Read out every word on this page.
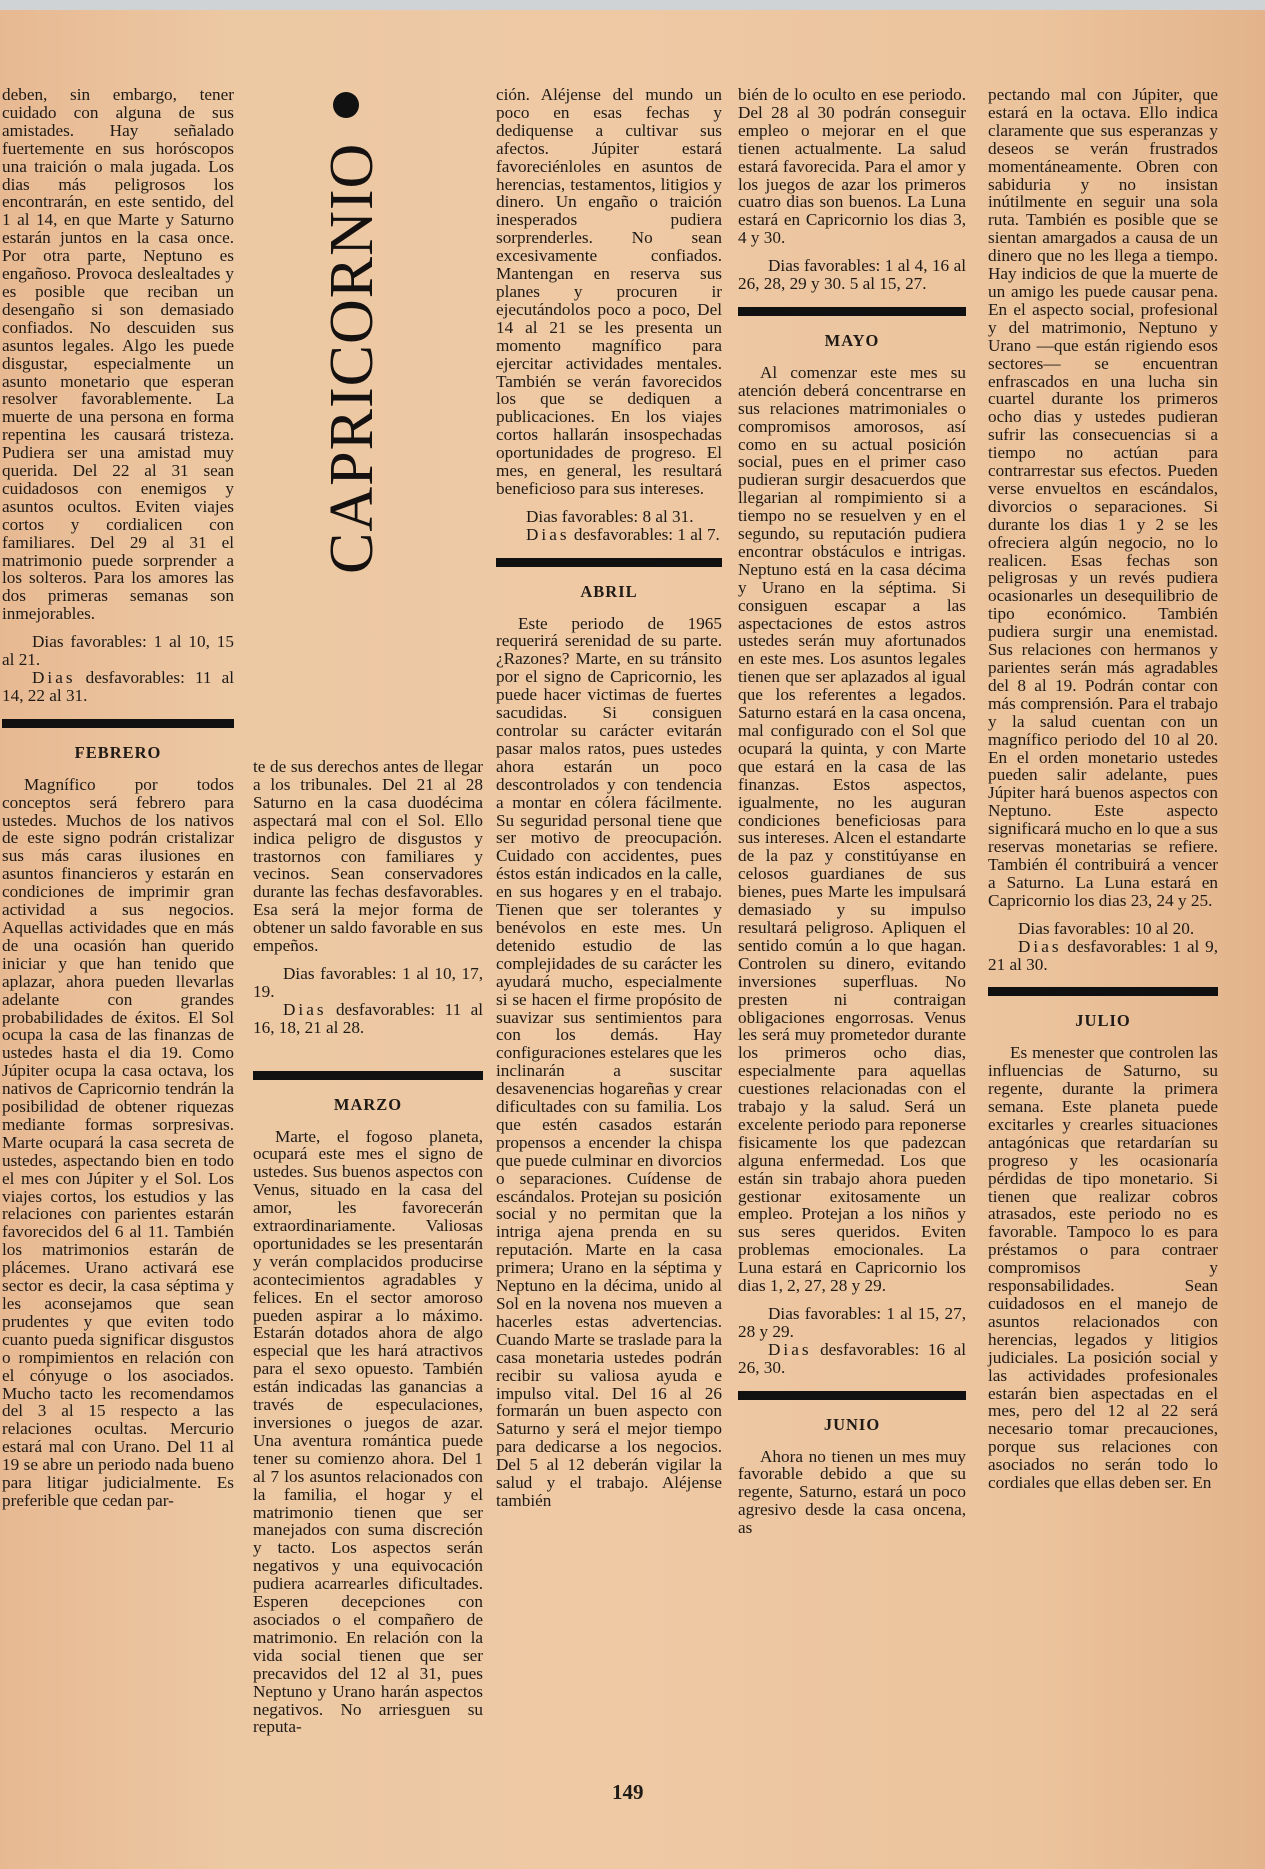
deben, sin embargo, tener cuidado con alguna de sus amistades. Hay señalado fuertemente en sus horóscopos una traición o mala jugada. Los dias más peligrosos los encontrarán, en este sentido, del 1 al 14, en que Marte y Saturno estarán juntos en la casa once. Por otra parte, Neptuno es engañoso. Provoca deslealtades y es posible que reciban un desengaño si son demasiado confiados. No descuiden sus asuntos legales. Algo les puede disgustar, especialmente un asunto monetario que esperan resolver favorablemente. La muerte de una persona en forma repentina les causará tristeza. Pudiera ser una amistad muy querida. Del 22 al 31 sean cuidadosos con enemigos y asuntos ocultos. Eviten viajes cortos y cordialicen con familiares. Del 29 al 31 el matrimonio puede sorprender a los solteros. Para los amores las dos primeras semanas son inmejorables.

Dias favorables: 1 al 10, 15 al 21.

Dias desfavorables: 11 al 14, 22 al 31.

FEBRERO

Magnífico por todos conceptos será febrero para ustedes. Muchos de los nativos de este signo podrán cristalizar sus más caras ilusiones en asuntos financieros y estarán en condiciones de imprimir gran actividad a sus negocios. Aquellas actividades que en más de una ocasión han querido iniciar y que han tenido que aplazar, ahora pueden llevarlas adelante con grandes probabilidades de éxitos. El Sol ocupa la casa de las finanzas de ustedes hasta el dia 19. Como Júpiter ocupa la casa octava, los nativos de Capricornio tendrán la posibilidad de obtener riquezas mediante formas sorpresivas. Marte ocupará la casa secreta de ustedes, aspectando bien en todo el mes con Júpiter y el Sol. Los viajes cortos, los estudios y las relaciones con parientes estarán favorecidos del 6 al 11. También los matrimonios estarán de plácemes. Urano activará ese sector es decir, la casa séptima y les aconsejamos que sean prudentes y que eviten todo cuanto pueda significar disgustos o rompimientos en relación con el cónyuge o los asociados. Mucho tacto les recomendamos del 3 al 15 respecto a las relaciones ocultas. Mercurio estará mal con Urano. Del 11 al 19 se abre un periodo nada bueno para litigar judicialmente. Es preferible que cedan par-

CAPRICORNIO

te de sus derechos antes de llegar a los tribunales. Del 21 al 28 Saturno en la casa duodécima aspectará mal con el Sol. Ello indica peligro de disgustos y trastornos con familiares y vecinos. Sean conservadores durante las fechas desfavorables. Esa será la mejor forma de obtener un saldo favorable en sus empeños.

Dias favorables: 1 al 10, 17, 19.

Dias desfavorables: 11 al 16, 18, 21 al 28.

MARZO

Marte, el fogoso planeta, ocupará este mes el signo de ustedes. Sus buenos aspectos con Venus, situado en la casa del amor, les favorecerán extraordinariamente. Valiosas oportunidades se les presentarán y verán complacidos producirse acontecimientos agradables y felices. En el sector amoroso pueden aspirar a lo máximo. Estarán dotados ahora de algo especial que les hará atractivos para el sexo opuesto. También están indicadas las ganancias a través de especulaciones, inversiones o juegos de azar. Una aventura romántica puede tener su comienzo ahora. Del 1 al 7 los asuntos relacionados con la familia, el hogar y el matrimonio tienen que ser manejados con suma discreción y tacto. Los aspectos serán negativos y una equivocación pudiera acarrearles dificultades. Esperen decepciones con asociados o el compañero de matrimonio. En relación con la vida social tienen que ser precavidos del 12 al 31, pues Neptuno y Urano harán aspectos negativos. No arriesguen su reputa-

ción. Aléjense del mundo un poco en esas fechas y dediquense a cultivar sus afectos. Júpiter estará favoreciénloles en asuntos de herencias, testamentos, litigios y dinero. Un engaño o traición inesperados pudiera sorprenderles. No sean excesivamente confiados. Mantengan en reserva sus planes y procuren ir ejecutándolos poco a poco, Del 14 al 21 se les presenta un momento magnífico para ejercitar actividades mentales. También se verán favorecidos los que se dediquen a publicaciones. En los viajes cortos hallarán insospechadas oportunidades de progreso. El mes, en general, les resultará beneficioso para sus intereses.

Dias favorables: 8 al 31.

Dias desfavorables: 1 al 7.

ABRIL

Este periodo de 1965 requerirá serenidad de su parte. ¿Razones? Marte, en su tránsito por el signo de Capricornio, les puede hacer victimas de fuertes sacudidas. Si consiguen controlar su carácter evitarán pasar malos ratos, pues ustedes ahora estarán un poco descontrolados y con tendencia a montar en cólera fácilmente. Su seguridad personal tiene que ser motivo de preocupación. Cuidado con accidentes, pues éstos están indicados en la calle, en sus hogares y en el trabajo. Tienen que ser tolerantes y benévolos en este mes. Un detenido estudio de las complejidades de su carácter les ayudará mucho, especialmente si se hacen el firme propósito de suavizar sus sentimientos para con los demás. Hay configuraciones estelares que les inclinarán a suscitar desavenencias hogareñas y crear dificultades con su familia. Los que estén casados estarán propensos a encender la chispa que puede culminar en divorcios o separaciones. Cuídense de escándalos. Protejan su posición social y no permitan que la intriga ajena prenda en su reputación. Marte en la casa primera; Urano en la séptima y Neptuno en la décima, unido al Sol en la novena nos mueven a hacerles estas advertencias. Cuando Marte se traslade para la casa monetaria ustedes podrán recibir su valiosa ayuda e impulso vital. Del 16 al 26 formarán un buen aspecto con Saturno y será el mejor tiempo para dedicarse a los negocios. Del 5 al 12 deberán vigilar la salud y el trabajo. Aléjense también

bién de lo oculto en ese periodo. Del 28 al 30 podrán conseguir empleo o mejorar en el que tienen actualmente. La salud estará favorecida. Para el amor y los juegos de azar los primeros cuatro dias son buenos. La Luna estará en Capricornio los dias 3, 4 y 30.

Dias favorables: 1 al 4, 16 al 26, 28, 29 y 30. 5 al 15, 27.

MAYO

Al comenzar este mes su atención deberá concentrarse en sus relaciones matrimoniales o compromisos amorosos, así como en su actual posición social, pues en el primer caso pudieran surgir desacuerdos que llegarian al rompimiento si a tiempo no se resuelven y en el segundo, su reputación pudiera encontrar obstáculos e intrigas. Neptuno está en la casa décima y Urano en la séptima. Si consiguen escapar a las aspectaciones de estos astros ustedes serán muy afortunados en este mes. Los asuntos legales tienen que ser aplazados al igual que los referentes a legados. Saturno estará en la casa oncena, mal configurado con el Sol que ocupará la quinta, y con Marte que estará en la casa de las finanzas. Estos aspectos, igualmente, no les auguran condiciones beneficiosas para sus intereses. Alcen el estandarte de la paz y constitúyanse en celosos guardianes de sus bienes, pues Marte les impulsará demasiado y su impulso resultará peligroso. Apliquen el sentido común a lo que hagan. Controlen su dinero, evitando inversiones superfluas. No presten ni contraigan obligaciones engorrosas. Venus les será muy prometedor durante los primeros ocho dias, especialmente para aquellas cuestiones relacionadas con el trabajo y la salud. Será un excelente periodo para reponerse fisicamente los que padezcan alguna enfermedad. Los que están sin trabajo ahora pueden gestionar exitosamente un empleo. Protejan a los niños y sus seres queridos. Eviten problemas emocionales. La Luna estará en Capricornio los dias 1, 2, 27, 28 y 29.

Dias favorables: 1 al 15, 27, 28 y 29.

Dias desfavorables: 16 al 26, 30.

JUNIO

Ahora no tienen un mes muy favorable debido a que su regente, Saturno, estará un poco agresivo desde la casa oncena, as

pectando mal con Júpiter, que estará en la octava. Ello indica claramente que sus esperanzas y deseos se verán frustrados momentáneamente. Obren con sabiduria y no insistan inútilmente en seguir una sola ruta. También es posible que se sientan amargados a causa de un dinero que no les llega a tiempo. Hay indicios de que la muerte de un amigo les puede causar pena. En el aspecto social, profesional y del matrimonio, Neptuno y Urano —que están rigiendo esos sectores— se encuentran enfrascados en una lucha sin cuartel durante los primeros ocho dias y ustedes pudieran sufrir las consecuencias si a tiempo no actúan para contrarrestar sus efectos. Pueden verse envueltos en escándalos, divorcios o separaciones. Si durante los dias 1 y 2 se les ofreciera algún negocio, no lo realicen. Esas fechas son peligrosas y un revés pudiera ocasionarles un desequilibrio de tipo económico. También pudiera surgir una enemistad. Sus relaciones con hermanos y parientes serán más agradables del 8 al 19. Podrán contar con más comprensión. Para el trabajo y la salud cuentan con un magnífico periodo del 10 al 20. En el orden monetario ustedes pueden salir adelante, pues Júpiter hará buenos aspectos con Neptuno. Este aspecto significará mucho en lo que a sus reservas monetarias se refiere. También él contribuirá a vencer a Saturno. La Luna estará en Capricornio los dias 23, 24 y 25.

Dias favorables: 10 al 20.

Dias desfavorables: 1 al 9, 21 al 30.

JULIO

Es menester que controlen las influencias de Saturno, su regente, durante la primera semana. Este planeta puede excitarles y crearles situaciones antagónicas que retardarían su progreso y les ocasionaría pérdidas de tipo monetario. Si tienen que realizar cobros atrasados, este periodo no es favorable. Tampoco lo es para préstamos o para contraer compromisos y responsabilidades. Sean cuidadosos en el manejo de asuntos relacionados con herencias, legados y litigios judiciales. La posición social y las actividades profesionales estarán bien aspectadas en el mes, pero del 12 al 22 será necesario tomar precauciones, porque sus relaciones con asociados no serán todo lo cordiales que ellas deben ser. En

149
